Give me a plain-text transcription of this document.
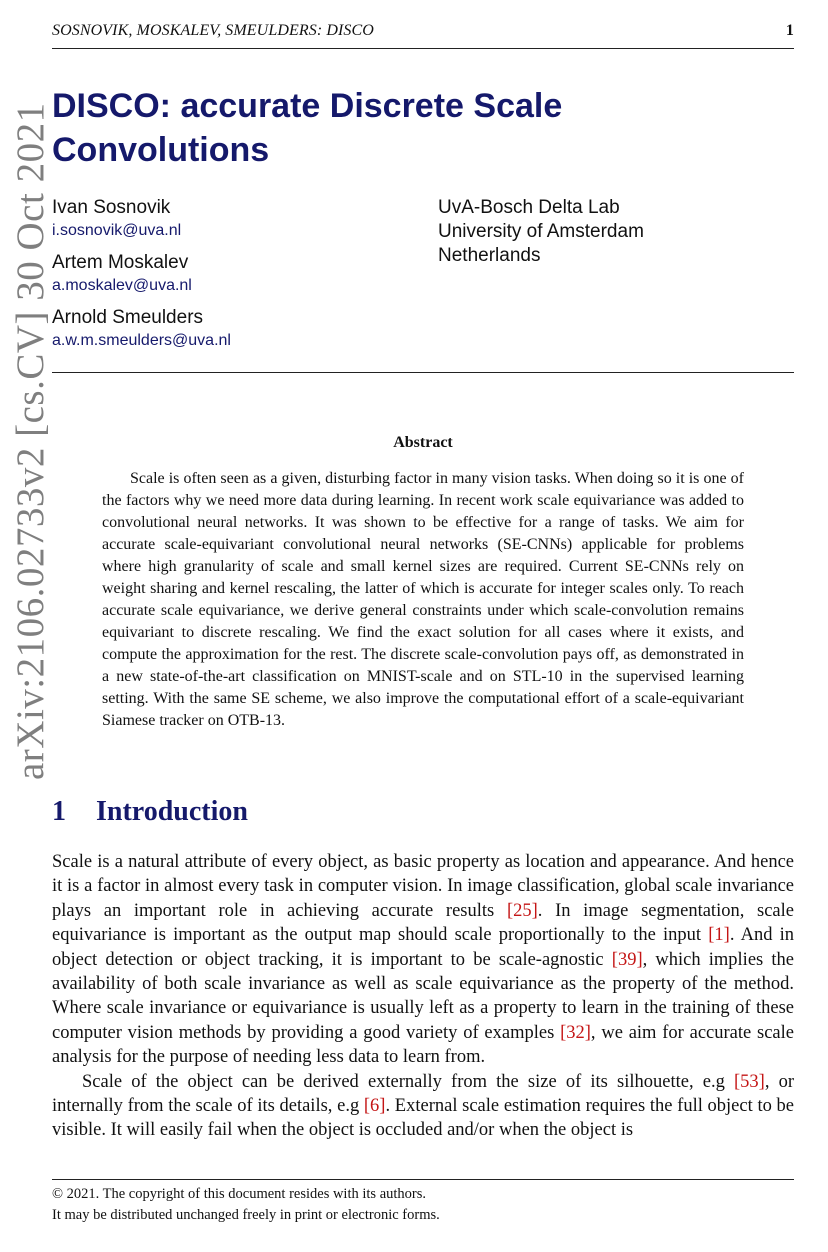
SOSNOVIK, MOSKALEV, SMEULDERS: DISCO	1
arXiv:2106.02733v2 [cs.CV] 30 Oct 2021 DISCO: accurate Discrete Scale Convolutions
Ivan Sosnovik
i.sosnovik@uva.nl
Artem Moskalev
a.moskalev@uva.nl
Arnold Smeulders
a.w.m.smeulders@uva.nl
UvA-Bosch Delta Lab
University of Amsterdam
Netherlands
Abstract

Scale is often seen as a given, disturbing factor in many vision tasks. When doing so it is one of the factors why we need more data during learning. In recent work scale equivariance was added to convolutional neural networks. It was shown to be effective for a range of tasks. We aim for accurate scale-equivariant convolutional neural networks (SE-CNNs) applicable for problems where high granularity of scale and small kernel sizes are required. Current SE-CNNs rely on weight sharing and kernel rescaling, the latter of which is accurate for integer scales only. To reach accurate scale equivariance, we derive general constraints under which scale-convolution remains equivariant to discrete rescaling. We find the exact solution for all cases where it exists, and compute the approximation for the rest. The discrete scale-convolution pays off, as demonstrated in a new state-of-the-art classification on MNIST-scale and on STL-10 in the supervised learning setting. With the same SE scheme, we also improve the computational effort of a scale-equivariant Siamese tracker on OTB-13.

1 Introduction

Scale is a natural attribute of every object, as basic property as location and appearance. And hence it is a factor in almost every task in computer vision. In image classification, global scale invariance plays an important role in achieving accurate results [25]. In image segmentation, scale equivariance is important as the output map should scale proportionally to the input [1]. And in object detection or object tracking, it is important to be scale-agnostic [39], which implies the availability of both scale invariance as well as scale equivariance as the property of the method. Where scale invariance or equivariance is usually left as a property to learn in the training of these computer vision methods by providing a good variety of examples [32], we aim for accurate scale analysis for the purpose of needing less data to learn from.

Scale of the object can be derived externally from the size of its silhouette, e.g [53], or internally from the scale of its details, e.g [6]. External scale estimation requires the full object to be visible. It will easily fail when the object is occluded and/or when the object is

© 2021. The copyright of this document resides with its authors.
It may be distributed unchanged freely in print or electronic forms.
